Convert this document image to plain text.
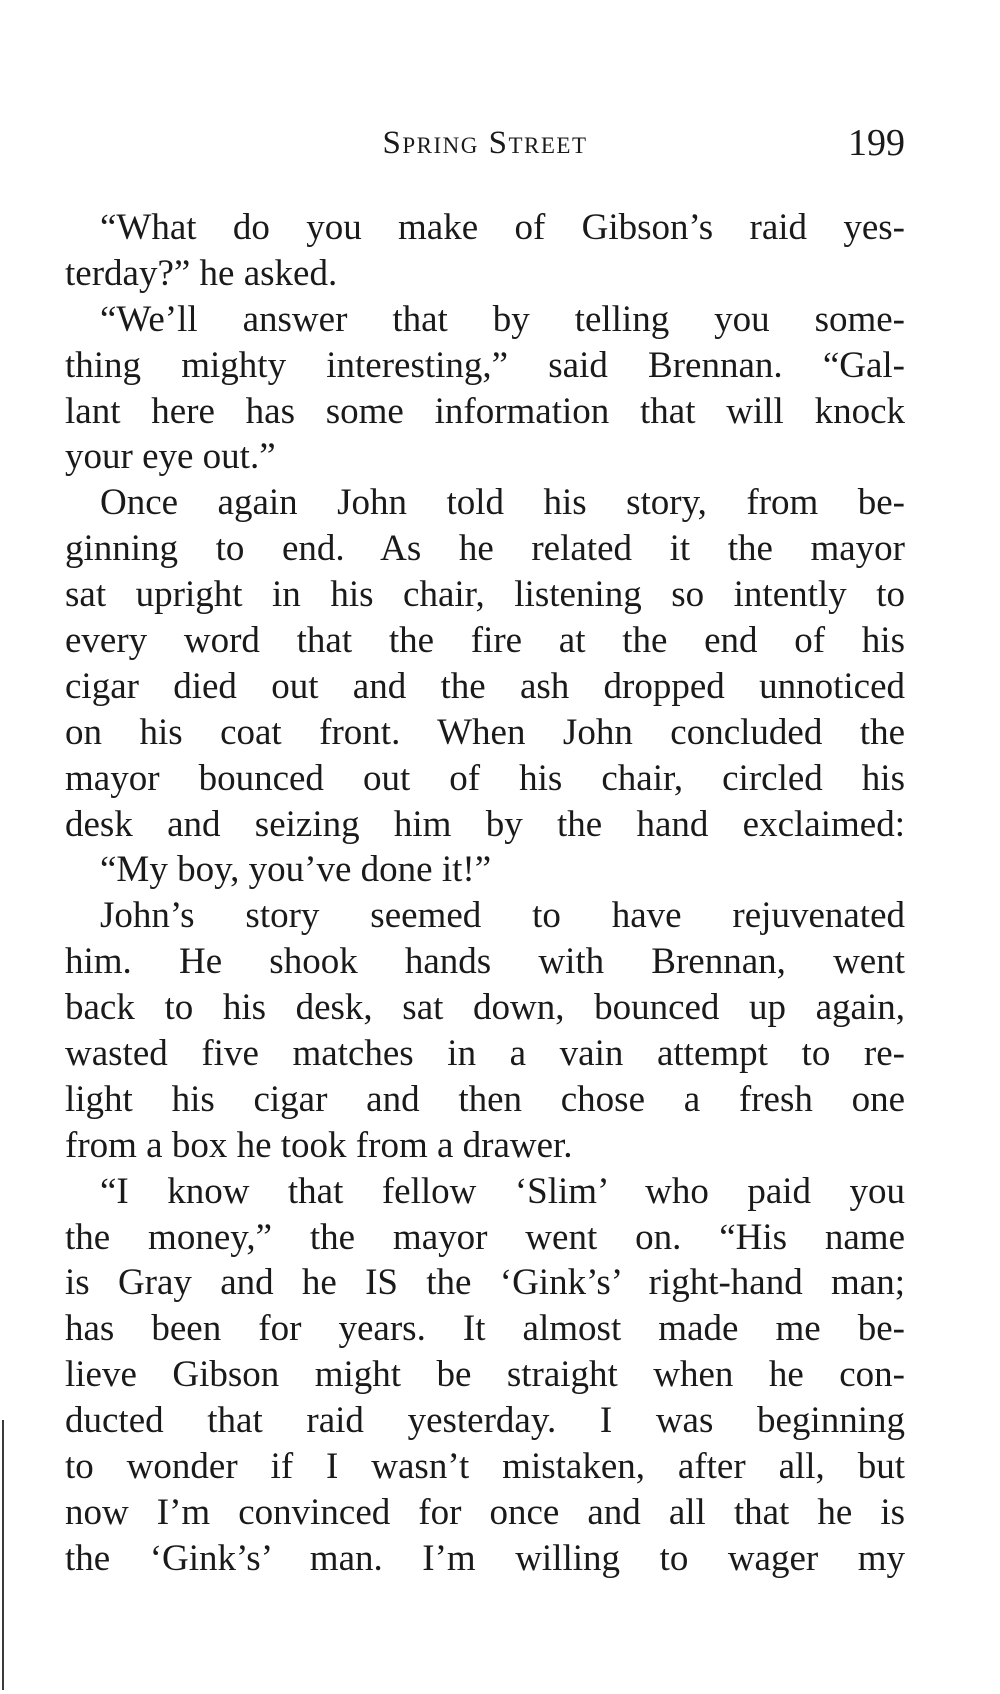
Spring Street	199
“What do you make of Gibson’s raid yes-
terday?” he asked.
“We’ll answer that by telling you some-
thing mighty interesting,” said Brennan. “Gal-
lant here has some information that will knock
your eye out.”
Once again John told his story, from be-
ginning to end. As he related it the mayor
sat upright in his chair, listening so intently to
every word that the fire at the end of his
cigar died out and the ash dropped unnoticed
on his coat front. When John concluded the
mayor bounced out of his chair, circled his
desk and seizing him by the hand exclaimed:
“My boy, you’ve done it!”
John’s story seemed to have rejuvenated
him. He shook hands with Brennan, went
back to his desk, sat down, bounced up again,
wasted five matches in a vain attempt to re-
light his cigar and then chose a fresh one
from a box he took from a drawer.
“I know that fellow ‘Slim’ who paid you
the money,” the mayor went on. “His name
is Gray and he IS the ‘Gink’s’ right-hand man;
has been for years. It almost made me be-
lieve Gibson might be straight when he con-
ducted that raid yesterday. I was beginning
to wonder if I wasn’t mistaken, after all, but
now I’m convinced for once and all that he is
the ‘Gink’s’ man. I’m willing to wager my
